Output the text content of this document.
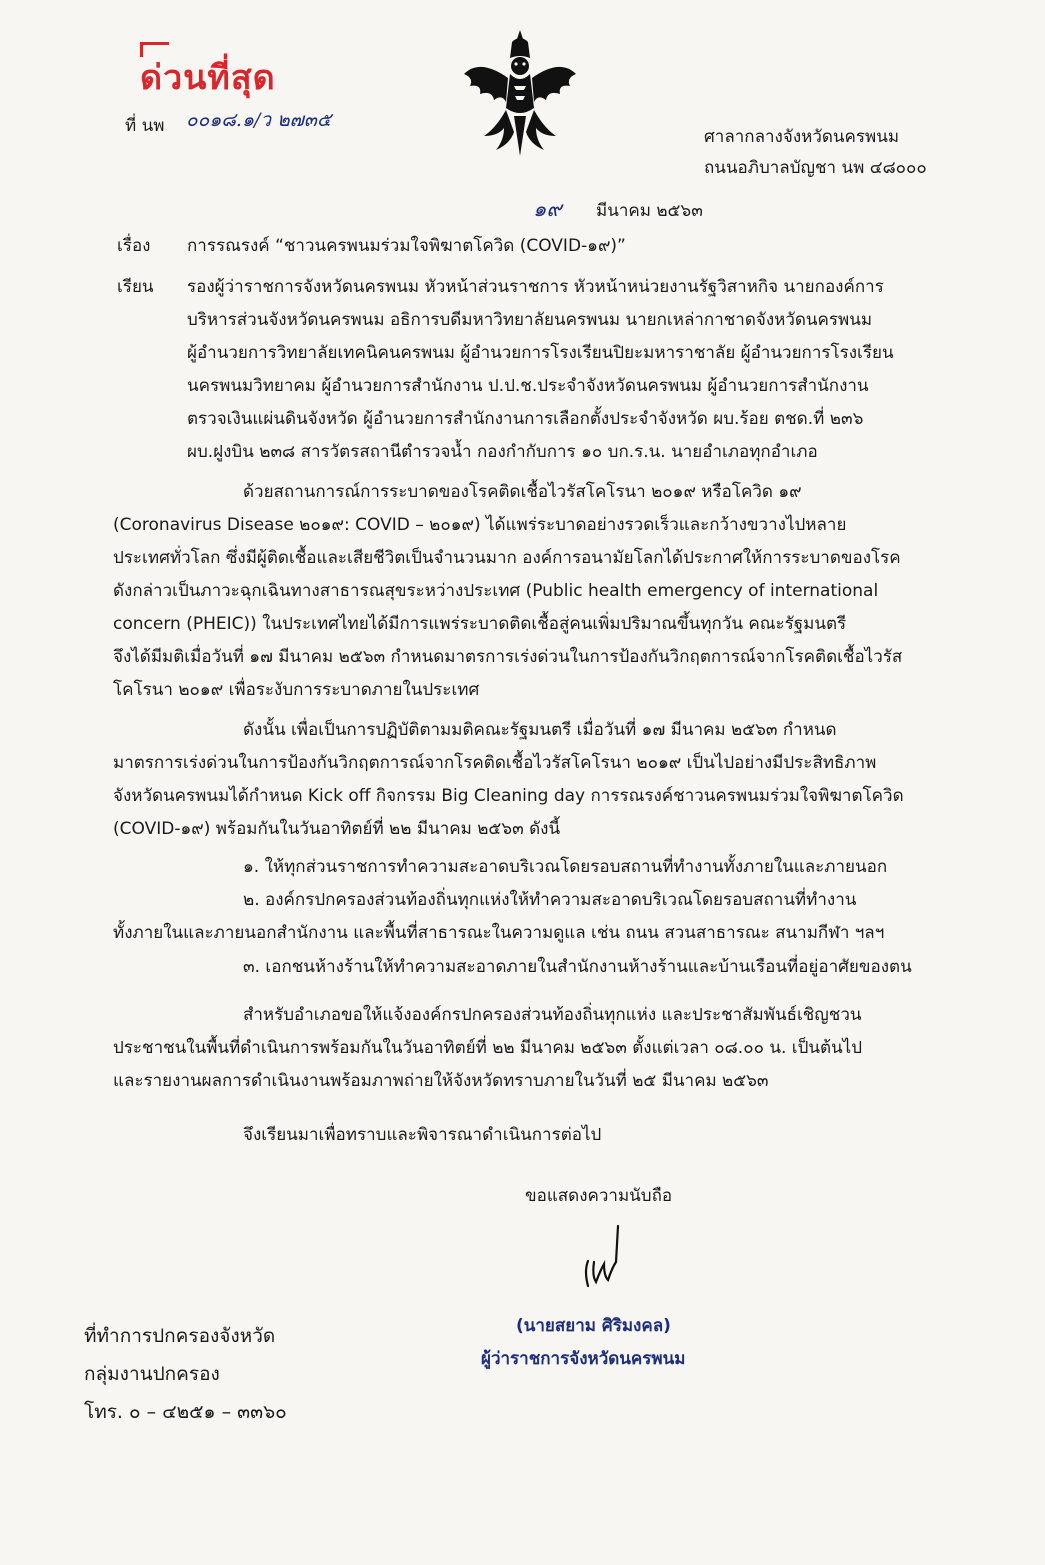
ด่วนที่สุด
ที่ นพ ๐๐๑๘.๑/ว ๒๗๓๕
ศาลากลางจังหวัดนครพนม
ถนนอภิบาลบัญชา นพ ๔๘๐๐๐
๑๙ มีนาคม ๒๕๖๓
เรื่อง การรณรงค์ “ชาวนครพนมร่วมใจพิฆาตโควิด (COVID-๑๙)”
เรียน รองผู้ว่าราชการจังหวัดนครพนม หัวหน้าส่วนราชการ หัวหน้าหน่วยงานรัฐวิสาหกิจ นายกองค์การ
บริหารส่วนจังหวัดนครพนม อธิการบดีมหาวิทยาลัยนครพนม นายกเหล่ากาชาดจังหวัดนครพนม
ผู้อำนวยการวิทยาลัยเทคนิคนครพนม ผู้อำนวยการโรงเรียนปิยะมหาราชาลัย ผู้อำนวยการโรงเรียน
นครพนมวิทยาคม ผู้อำนวยการสำนักงาน ป.ป.ช.ประจำจังหวัดนครพนม ผู้อำนวยการสำนักงาน
ตรวจเงินแผ่นดินจังหวัด ผู้อำนวยการสำนักงานการเลือกตั้งประจำจังหวัด ผบ.ร้อย ตชด.ที่ ๒๓๖
ผบ.ฝูงบิน ๒๓๘ สารวัตรสถานีตำรวจน้ำ กองกำกับการ ๑๐ บก.ร.น. นายอำเภอทุกอำเภอ
ด้วยสถานการณ์การระบาดของโรคติดเชื้อไวรัสโคโรนา ๒๐๑๙ หรือโควิด ๑๙
(Coronavirus Disease ๒๐๑๙: COVID – ๒๐๑๙) ได้แพร่ระบาดอย่างรวดเร็วและกว้างขวางไปหลาย
ประเทศทั่วโลก ซึ่งมีผู้ติดเชื้อและเสียชีวิตเป็นจำนวนมาก องค์การอนามัยโลกได้ประกาศให้การระบาดของโรค
ดังกล่าวเป็นภาวะฉุกเฉินทางสาธารณสุขระหว่างประเทศ (Public health emergency of international
concern (PHEIC)) ในประเทศไทยได้มีการแพร่ระบาดติดเชื้อสู่คนเพิ่มปริมาณขึ้นทุกวัน คณะรัฐมนตรี
จึงได้มีมติเมื่อวันที่ ๑๗ มีนาคม ๒๕๖๓ กำหนดมาตรการเร่งด่วนในการป้องกันวิกฤตการณ์จากโรคติดเชื้อไวรัส
โคโรนา ๒๐๑๙ เพื่อระงับการระบาดภายในประเทศ
ดังนั้น เพื่อเป็นการปฏิบัติตามมติคณะรัฐมนตรี เมื่อวันที่ ๑๗ มีนาคม ๒๕๖๓ กำหนด
มาตรการเร่งด่วนในการป้องกันวิกฤตการณ์จากโรคติดเชื้อไวรัสโคโรนา ๒๐๑๙ เป็นไปอย่างมีประสิทธิภาพ
จังหวัดนครพนมได้กำหนด Kick off กิจกรรม Big Cleaning day การรณรงค์ชาวนครพนมร่วมใจพิฆาตโควิด
(COVID-๑๙) พร้อมกันในวันอาทิตย์ที่ ๒๒ มีนาคม ๒๕๖๓ ดังนี้
๑. ให้ทุกส่วนราชการทำความสะอาดบริเวณโดยรอบสถานที่ทำงานทั้งภายในและภายนอก
๒. องค์กรปกครองส่วนท้องถิ่นทุกแห่งให้ทำความสะอาดบริเวณโดยรอบสถานที่ทำงาน
ทั้งภายในและภายนอกสำนักงาน และพื้นที่สาธารณะในความดูแล เช่น ถนน สวนสาธารณะ สนามกีฬา ฯลฯ
๓. เอกชนห้างร้านให้ทำความสะอาดภายในสำนักงานห้างร้านและบ้านเรือนที่อยู่อาศัยของตน
สำหรับอำเภอขอให้แจ้งองค์กรปกครองส่วนท้องถิ่นทุกแห่ง และประชาสัมพันธ์เชิญชวน
ประชาชนในพื้นที่ดำเนินการพร้อมกันในวันอาทิตย์ที่ ๒๒ มีนาคม ๒๕๖๓ ตั้งแต่เวลา ๐๘.๐๐ น. เป็นต้นไป
และรายงานผลการดำเนินงานพร้อมภาพถ่ายให้จังหวัดทราบภายในวันที่ ๒๕ มีนาคม ๒๕๖๓
จึงเรียนมาเพื่อทราบและพิจารณาดำเนินการต่อไป
ขอแสดงความนับถือ
(นายสยาม ศิริมงคล)
ผู้ว่าราชการจังหวัดนครพนม
ที่ทำการปกครองจังหวัด
กลุ่มงานปกครอง
โทร. ๐ – ๔๒๕๑ – ๓๓๖๐
